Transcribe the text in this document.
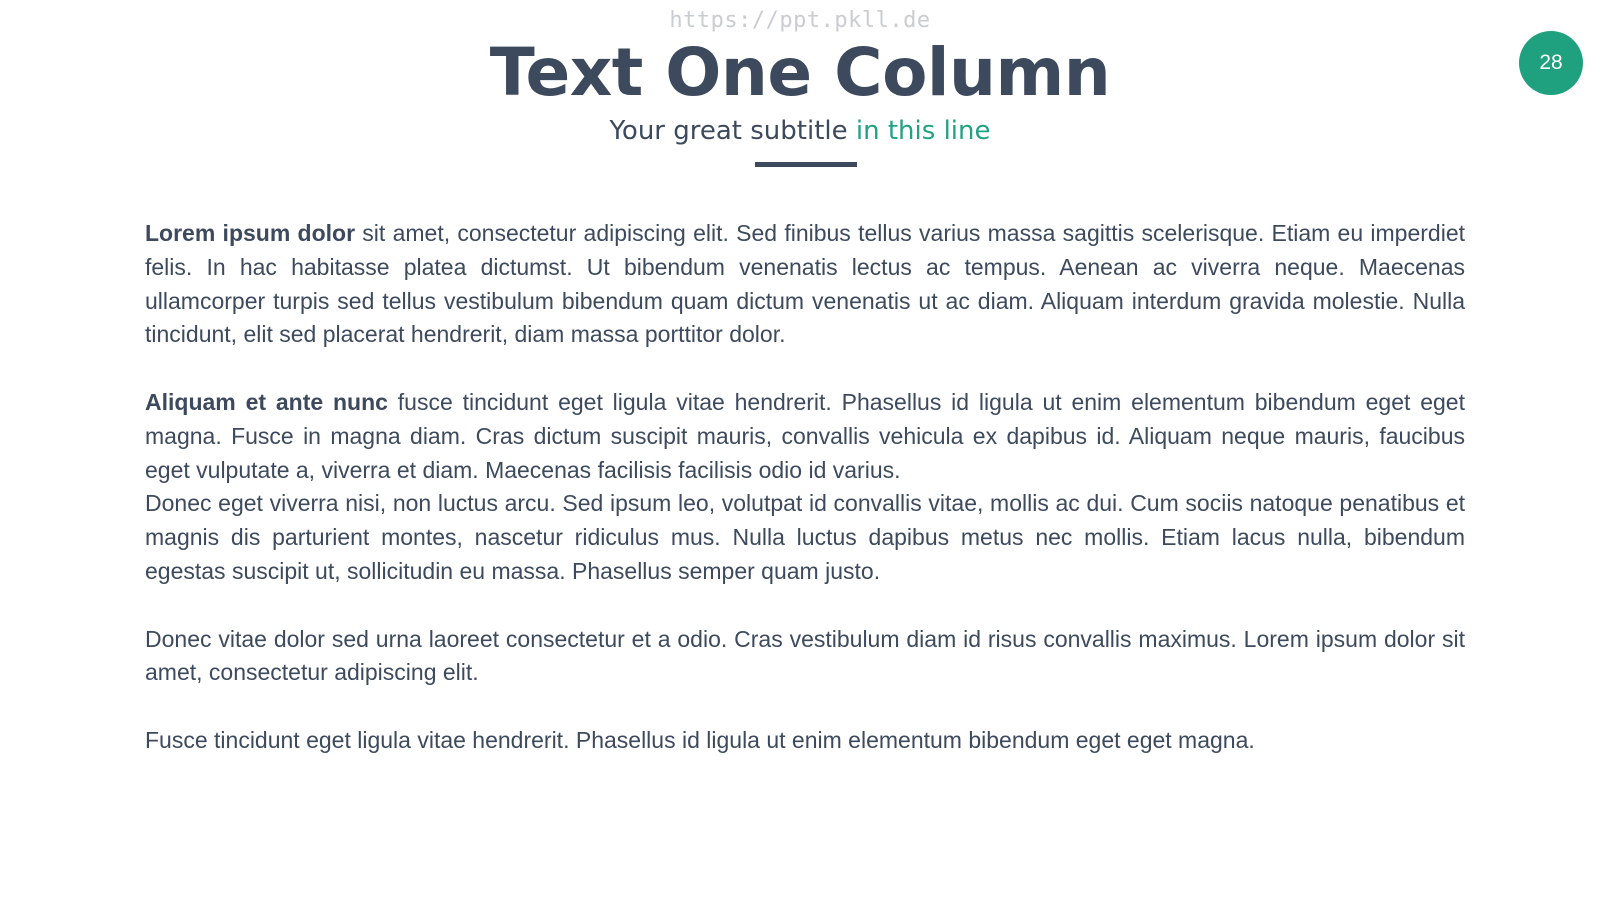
https://ppt.pkll.de
Text One Column
Your great subtitle in this line
28

Lorem ipsum dolor sit amet, consectetur adipiscing elit. Sed finibus tellus varius massa sagittis scelerisque. Etiam eu imperdiet felis. In hac habitasse platea dictumst. Ut bibendum venenatis lectus ac tempus. Aenean ac viverra neque. Maecenas ullamcorper turpis sed tellus vestibulum bibendum quam dictum venenatis ut ac diam. Aliquam interdum gravida molestie. Nulla tincidunt, elit sed placerat hendrerit, diam massa porttitor dolor.

Aliquam et ante nunc fusce tincidunt eget ligula vitae hendrerit. Phasellus id ligula ut enim elementum bibendum eget eget magna. Fusce in magna diam. Cras dictum suscipit mauris, convallis vehicula ex dapibus id. Aliquam neque mauris, faucibus eget vulputate a, viverra et diam. Maecenas facilisis facilisis odio id varius.

Donec eget viverra nisi, non luctus arcu. Sed ipsum leo, volutpat id convallis vitae, mollis ac dui. Cum sociis natoque penatibus et magnis dis parturient montes, nascetur ridiculus mus. Nulla luctus dapibus metus nec mollis. Etiam lacus nulla, bibendum egestas suscipit ut, sollicitudin eu massa. Phasellus semper quam justo.

Donec vitae dolor sed urna laoreet consectetur et a odio. Cras vestibulum diam id risus convallis maximus. Lorem ipsum dolor sit amet, consectetur adipiscing elit.

Fusce tincidunt eget ligula vitae hendrerit. Phasellus id ligula ut enim elementum bibendum eget eget magna.
